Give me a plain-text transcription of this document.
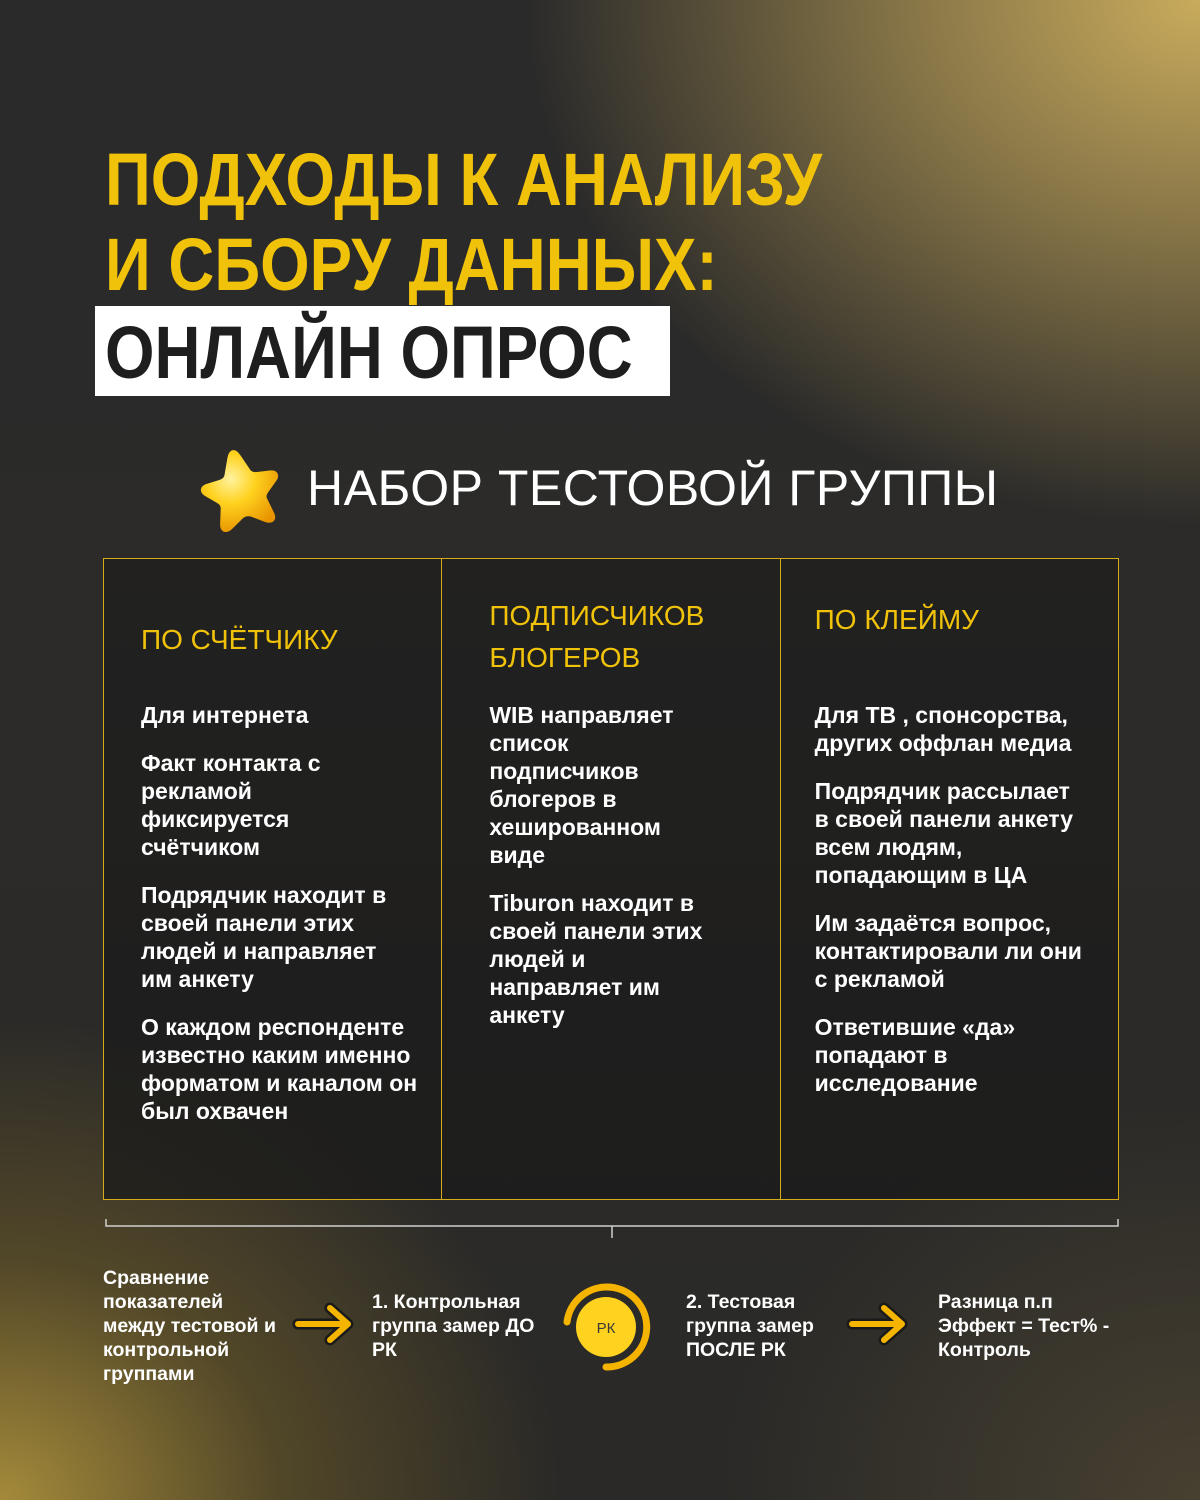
ПОДХОДЫ К АНАЛИЗУ
И СБОРУ ДАННЫХ:
ОНЛАЙН ОПРОС
НАБОР ТЕСТОВОЙ ГРУППЫ
ПО СЧЁТЧИКУ

Для интернета

Факт контакта с рекламой фиксируется счётчиком

Подрядчик находит в своей панели этих людей и направляет им анкету

О каждом респонденте известно каким именно форматом и каналом он был охвачен

ПОДПИСЧИКОВ БЛОГЕРОВ

WIB направляет список подписчиков блогеров в хешированном виде

Tiburon находит в своей панели этих людей и направляет им анкету

ПО КЛЕЙМУ

Для ТВ , спонсорства, других оффлан медиа

Подрядчик рассылает в своей панели анкету всем людям, попадающим в ЦА

Им задаётся вопрос, контактировали ли они с рекламой

Ответившие «да» попадают в исследование

Сравнение показателей между тестовой и контрольной группами
1. Контрольная группа замер ДО РК
РК
2. Тестовая группа замер ПОСЛЕ РК
Разница п.п Эффект = Тест% - Контроль
